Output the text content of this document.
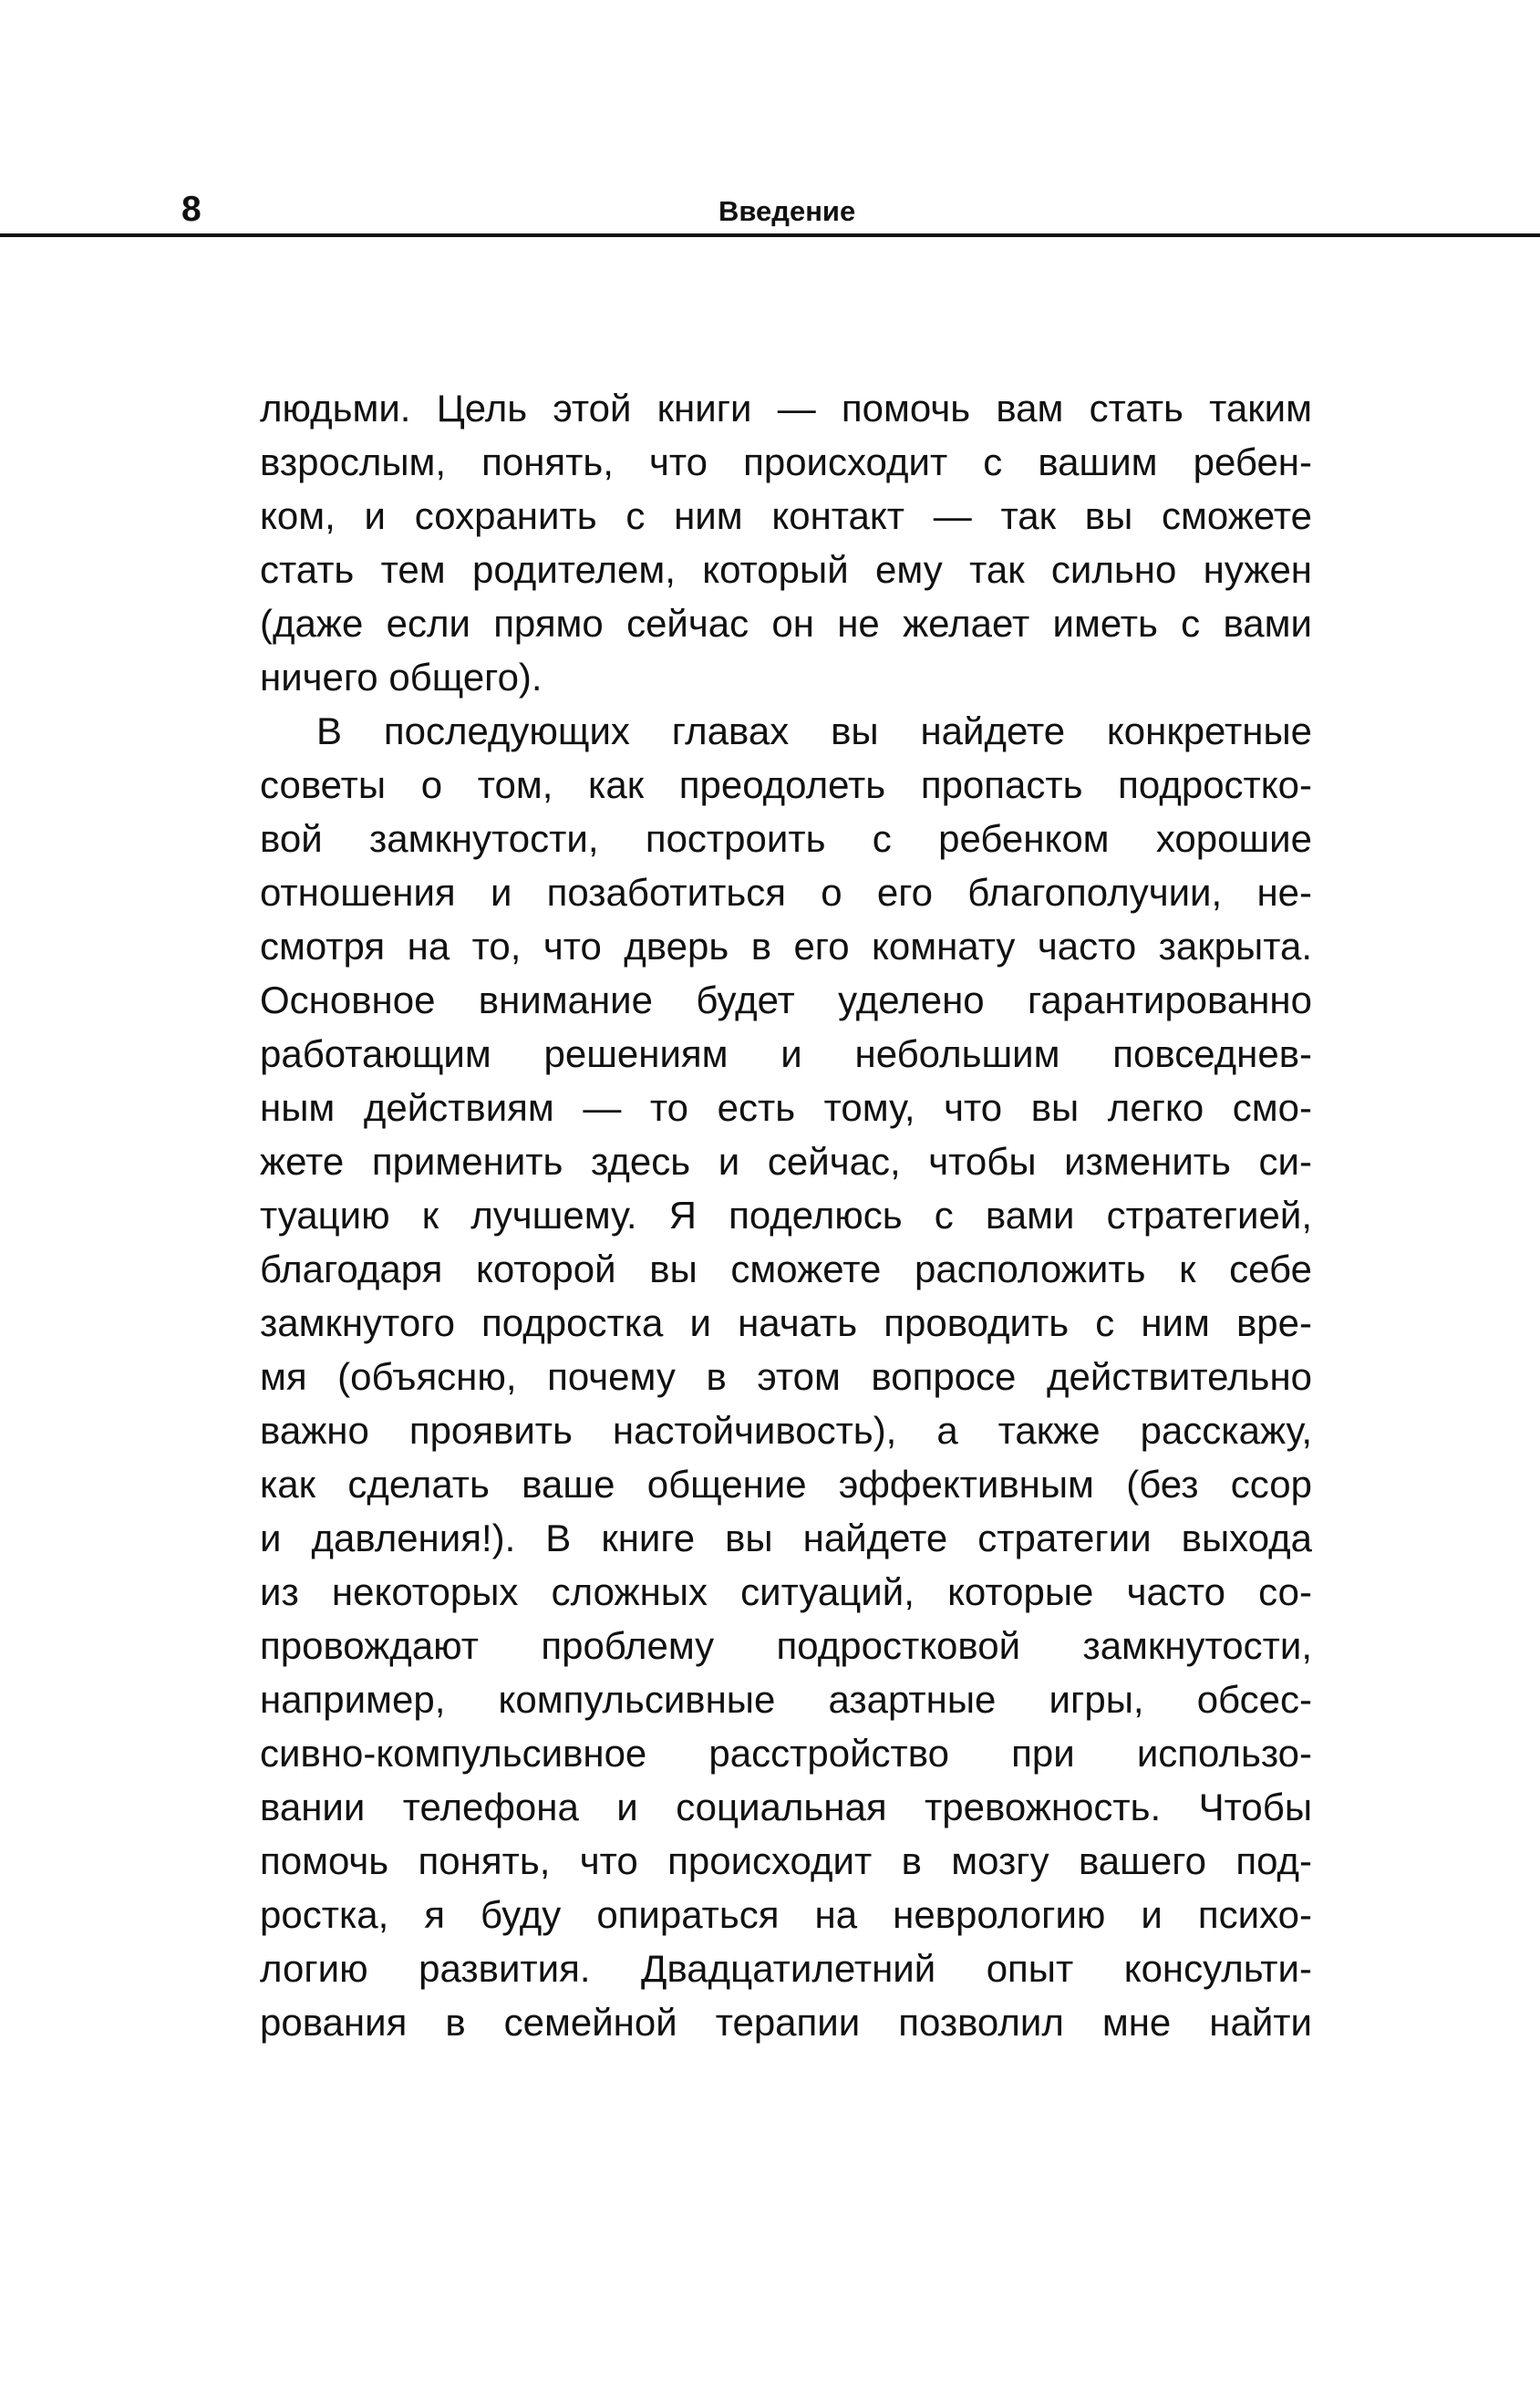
8	Введение
людьми. Цель этой книги — помочь вам стать таким
взрослым, понять, что происходит с вашим ребен-
ком, и сохранить с ним контакт — так вы сможете
стать тем родителем, который ему так сильно нужен
(даже если прямо сейчас он не желает иметь с вами
ничего общего).
В последующих главах вы найдете конкретные
советы о том, как преодолеть пропасть подростко-
вой замкнутости, построить с ребенком хорошие
отношения и позаботиться о его благополучии, не-
смотря на то, что дверь в его комнату часто закрыта.
Основное внимание будет уделено гарантированно
работающим решениям и небольшим повседнев-
ным действиям — то есть тому, что вы легко смо-
жете применить здесь и сейчас, чтобы изменить си-
туацию к лучшему. Я поделюсь с вами стратегией,
благодаря которой вы сможете расположить к себе
замкнутого подростка и начать проводить с ним вре-
мя (объясню, почему в этом вопросе действительно
важно проявить настойчивость), а также расскажу,
как сделать ваше общение эффективным (без ссор
и давления!). В книге вы найдете стратегии выхода
из некоторых сложных ситуаций, которые часто со-
провождают проблему подростковой замкнутости,
например, компульсивные азартные игры, обсес-
сивно-компульсивное расстройство при использо-
вании телефона и социальная тревожность. Чтобы
помочь понять, что происходит в мозгу вашего под-
ростка, я буду опираться на неврологию и психо-
логию развития. Двадцатилетний опыт консульти-
рования в семейной терапии позволил мне найти
